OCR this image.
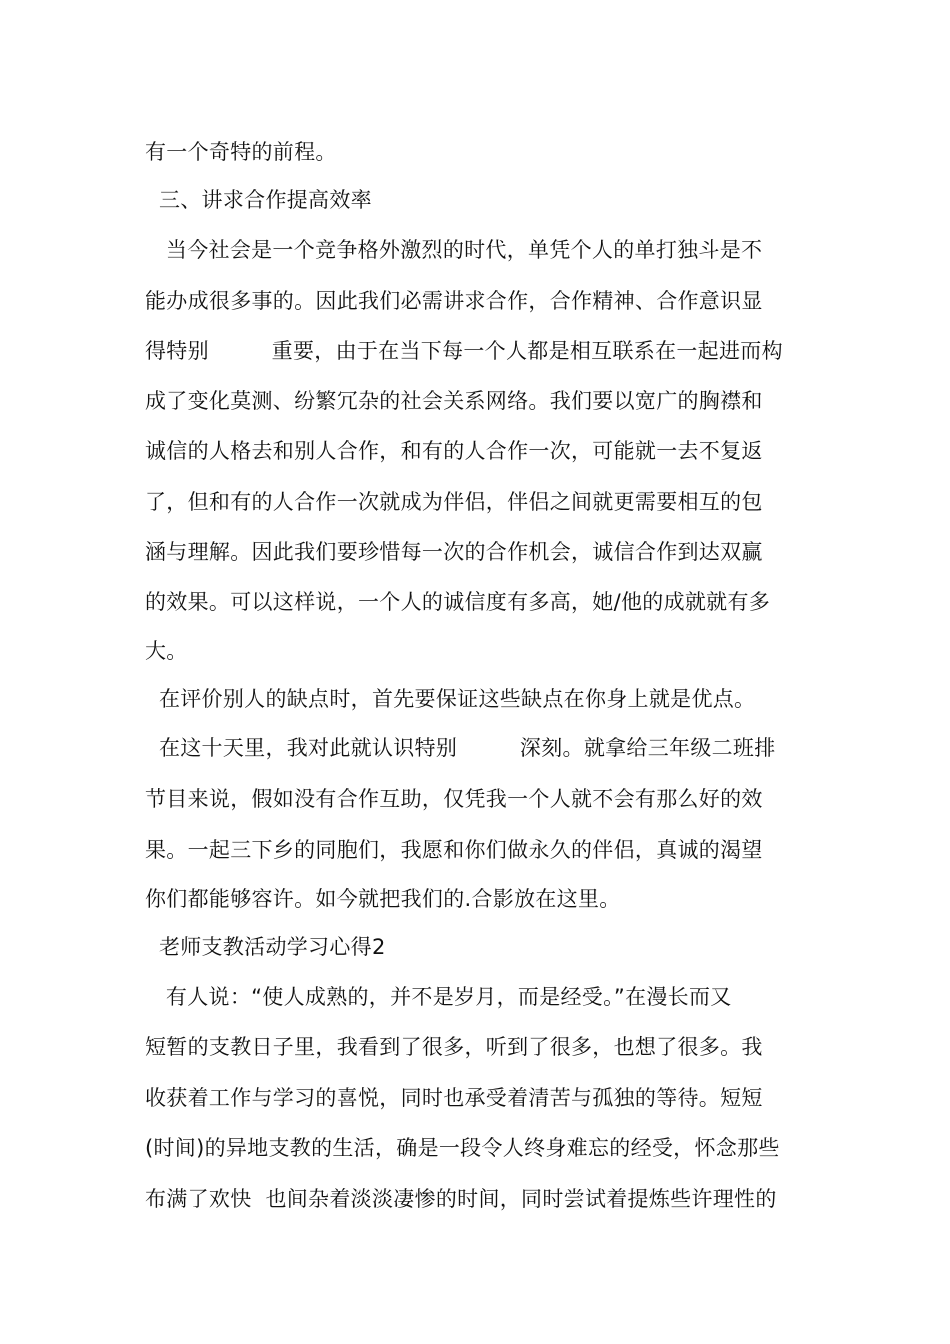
有一个奇特的前程。
三、讲求合作提高效率
当今社会是一个竞争格外激烈的时代，单凭个人的单打独斗是不
能办成很多事的。因此我们必需讲求合作，合作精神、合作意识显
得特别         重要，由于在当下每一个人都是相互联系在一起进而构
成了变化莫测、纷繁冗杂的社会关系网络。我们要以宽广的胸襟和
诚信的人格去和别人合作，和有的人合作一次，可能就一去不复返
了，但和有的人合作一次就成为伴侣，伴侣之间就更需要相互的包
涵与理解。因此我们要珍惜每一次的合作机会，诚信合作到达双赢
的效果。可以这样说，一个人的诚信度有多高，她/他的成就就有多
大。
在评价别人的缺点时，首先要保证这些缺点在你身上就是优点。
在这十天里，我对此就认识特别         深刻。就拿给三年级二班排
节目来说，假如没有合作互助，仅凭我一个人就不会有那么好的效
果。一起三下乡的同胞们，我愿和你们做永久的伴侣，真诚的渴望
你们都能够容许。如今就把我们的.合影放在这里。
老师支教活动学习心得2
有人说：“使人成熟的，并不是岁月，而是经受。”在漫长而又
短暂的支教日子里，我看到了很多，听到了很多，也想了很多。我
收获着工作与学习的喜悦，同时也承受着清苦与孤独的等待。短短
(时间)的异地支教的生活，确是一段令人终身难忘的经受，怀念那些
布满了欢快  也间杂着淡淡凄惨的时间，同时尝试着提炼些许理性的
